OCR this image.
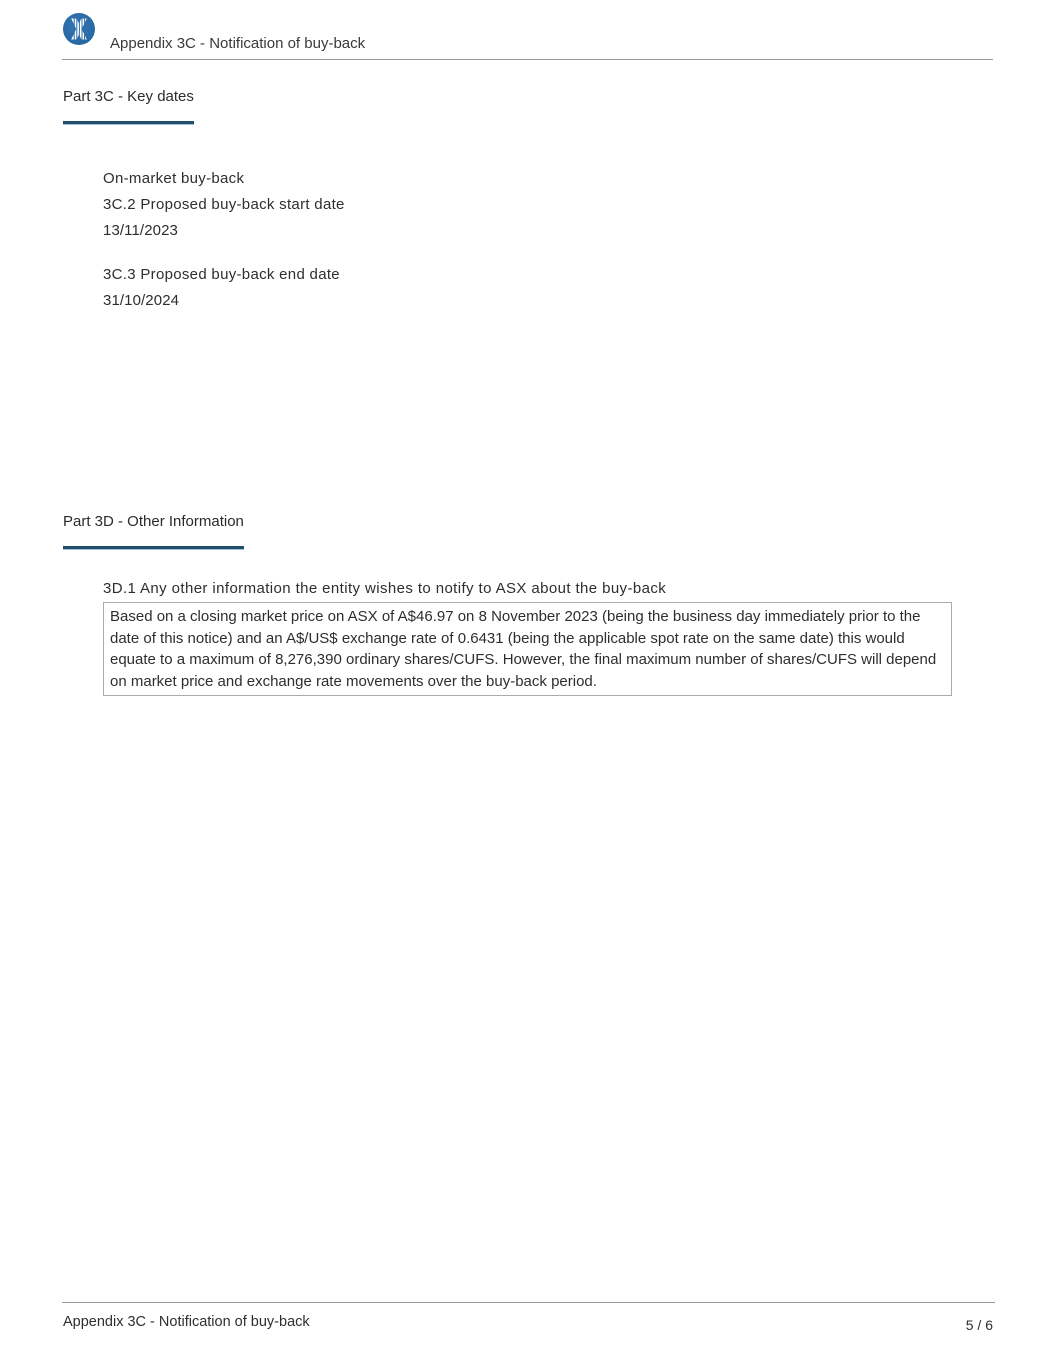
Appendix 3C - Notification of buy-back
Part 3C - Key dates
On-market buy-back
3C.2 Proposed buy-back start date
13/11/2023
3C.3 Proposed buy-back end date
31/10/2024
Part 3D - Other Information
3D.1 Any other information the entity wishes to notify to ASX about the buy-back
Based on a closing market price on ASX of A$46.97 on 8 November 2023 (being the business day immediately prior to the date of this notice) and an A$/US$ exchange rate of 0.6431 (being the applicable spot rate on the same date) this would equate to a maximum of 8,276,390 ordinary shares/CUFS. However, the final maximum number of shares/CUFS will depend on market price and exchange rate movements over the buy-back period.
Appendix 3C - Notification of buy-back	5 / 6
